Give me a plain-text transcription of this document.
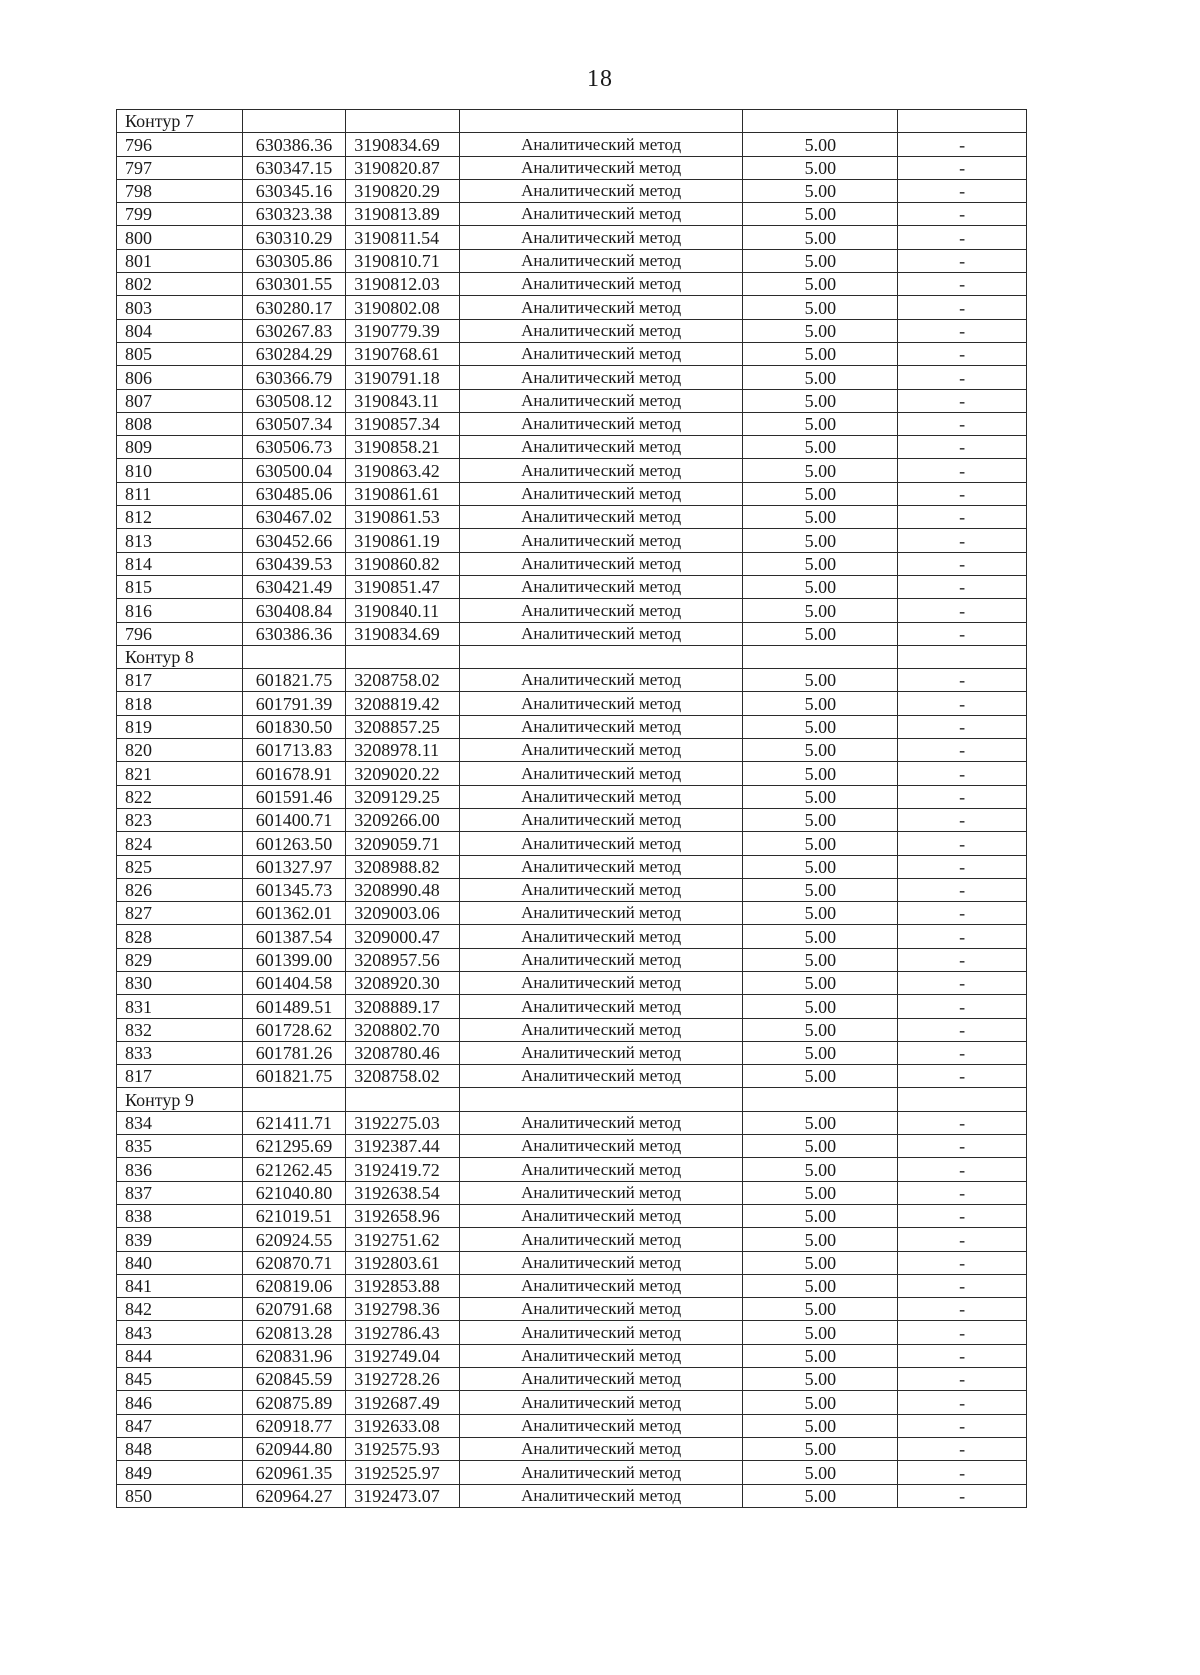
18
Контур 7					
796	630386.36	3190834.69	Аналитический метод	5.00	-
797	630347.15	3190820.87	Аналитический метод	5.00	-
798	630345.16	3190820.29	Аналитический метод	5.00	-
799	630323.38	3190813.89	Аналитический метод	5.00	-
800	630310.29	3190811.54	Аналитический метод	5.00	-
801	630305.86	3190810.71	Аналитический метод	5.00	-
802	630301.55	3190812.03	Аналитический метод	5.00	-
803	630280.17	3190802.08	Аналитический метод	5.00	-
804	630267.83	3190779.39	Аналитический метод	5.00	-
805	630284.29	3190768.61	Аналитический метод	5.00	-
806	630366.79	3190791.18	Аналитический метод	5.00	-
807	630508.12	3190843.11	Аналитический метод	5.00	-
808	630507.34	3190857.34	Аналитический метод	5.00	-
809	630506.73	3190858.21	Аналитический метод	5.00	-
810	630500.04	3190863.42	Аналитический метод	5.00	-
811	630485.06	3190861.61	Аналитический метод	5.00	-
812	630467.02	3190861.53	Аналитический метод	5.00	-
813	630452.66	3190861.19	Аналитический метод	5.00	-
814	630439.53	3190860.82	Аналитический метод	5.00	-
815	630421.49	3190851.47	Аналитический метод	5.00	-
816	630408.84	3190840.11	Аналитический метод	5.00	-
796	630386.36	3190834.69	Аналитический метод	5.00	-
Контур 8					
817	601821.75	3208758.02	Аналитический метод	5.00	-
818	601791.39	3208819.42	Аналитический метод	5.00	-
819	601830.50	3208857.25	Аналитический метод	5.00	-
820	601713.83	3208978.11	Аналитический метод	5.00	-
821	601678.91	3209020.22	Аналитический метод	5.00	-
822	601591.46	3209129.25	Аналитический метод	5.00	-
823	601400.71	3209266.00	Аналитический метод	5.00	-
824	601263.50	3209059.71	Аналитический метод	5.00	-
825	601327.97	3208988.82	Аналитический метод	5.00	-
826	601345.73	3208990.48	Аналитический метод	5.00	-
827	601362.01	3209003.06	Аналитический метод	5.00	-
828	601387.54	3209000.47	Аналитический метод	5.00	-
829	601399.00	3208957.56	Аналитический метод	5.00	-
830	601404.58	3208920.30	Аналитический метод	5.00	-
831	601489.51	3208889.17	Аналитический метод	5.00	-
832	601728.62	3208802.70	Аналитический метод	5.00	-
833	601781.26	3208780.46	Аналитический метод	5.00	-
817	601821.75	3208758.02	Аналитический метод	5.00	-
Контур 9					
834	621411.71	3192275.03	Аналитический метод	5.00	-
835	621295.69	3192387.44	Аналитический метод	5.00	-
836	621262.45	3192419.72	Аналитический метод	5.00	-
837	621040.80	3192638.54	Аналитический метод	5.00	-
838	621019.51	3192658.96	Аналитический метод	5.00	-
839	620924.55	3192751.62	Аналитический метод	5.00	-
840	620870.71	3192803.61	Аналитический метод	5.00	-
841	620819.06	3192853.88	Аналитический метод	5.00	-
842	620791.68	3192798.36	Аналитический метод	5.00	-
843	620813.28	3192786.43	Аналитический метод	5.00	-
844	620831.96	3192749.04	Аналитический метод	5.00	-
845	620845.59	3192728.26	Аналитический метод	5.00	-
846	620875.89	3192687.49	Аналитический метод	5.00	-
847	620918.77	3192633.08	Аналитический метод	5.00	-
848	620944.80	3192575.93	Аналитический метод	5.00	-
849	620961.35	3192525.97	Аналитический метод	5.00	-
850	620964.27	3192473.07	Аналитический метод	5.00	-
